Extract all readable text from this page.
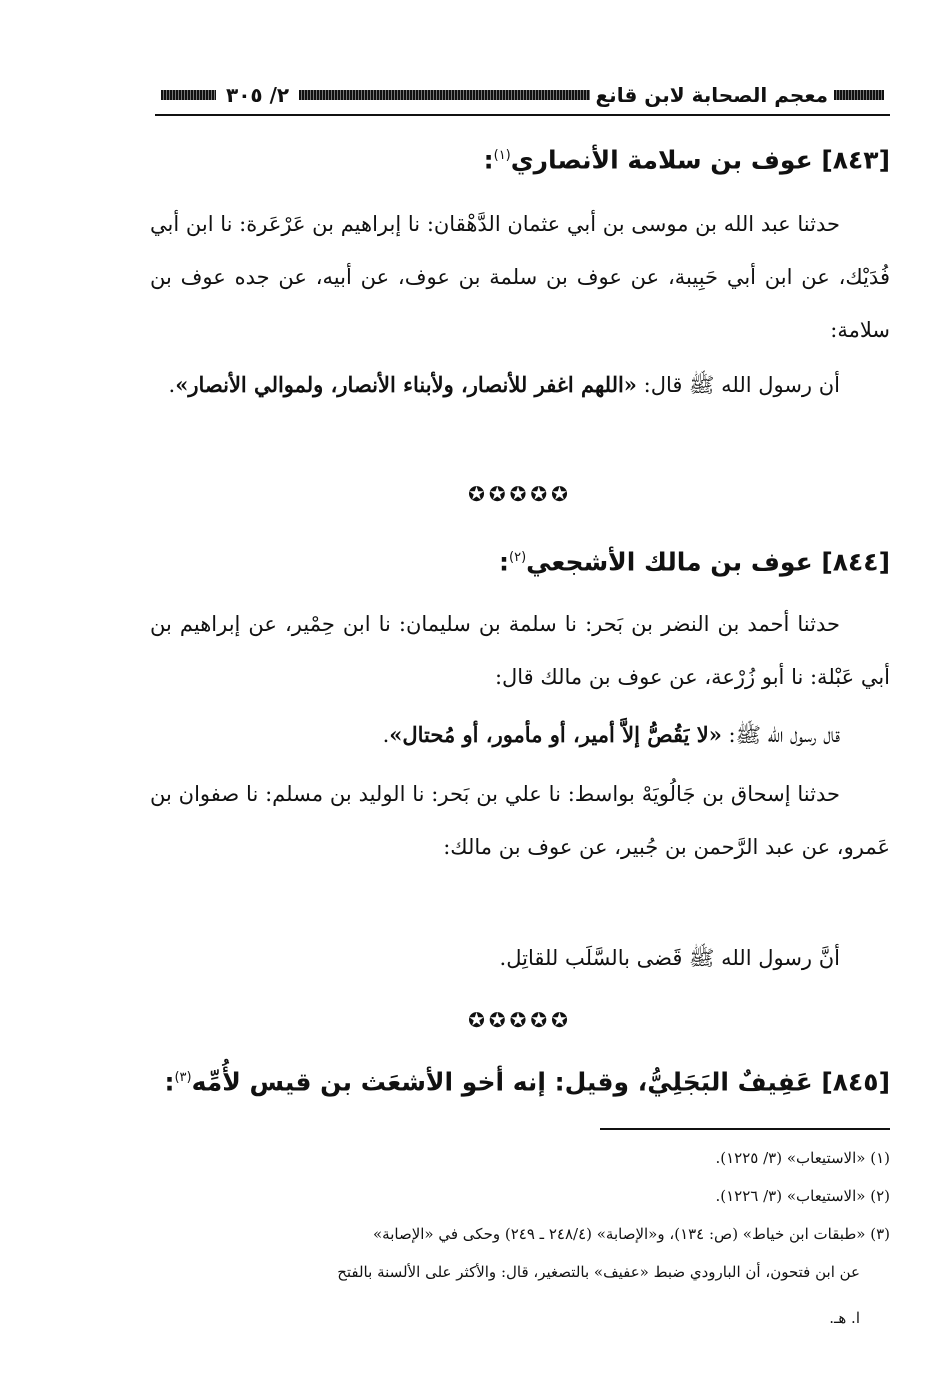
معجم الصحابة لابن قانع
٢/ ٣٠٥
[٨٤٣] عوف بن سلامة الأنصاري$^{(١)}$:
حدثنا عبد الله بن موسى بن أبي عثمان الدَّهْقان: نا إبراهيم بن عَرْعَرة: نا ابن أبي فُدَيْك، عن ابن أبي حَبِيبة، عن عوف بن سلمة بن عوف، عن أبيه، عن جده عوف بن سلامة:
أن رسول الله ﷺ قال: «اللهم اغفر للأنصار، ولأبناء الأنصار، ولموالي الأنصار».
✪✪✪✪✪
[٨٤٤] عوف بن مالك الأشجعي$^{(٢)}$:
حدثنا أحمد بن النضر بن بَحر: نا سلمة بن سليمان: نا ابن حِمْير، عن إبراهيم بن أبي عَبْلة: نا أبو زُرْعة، عن عوف بن مالك قال:
قال رسول الله ﷺ: «لا يَقُصُّ إلاَّ أمير، أو مأمور، أو مُحتال».
حدثنا إسحاق بن جَالُويَهْ بواسط: نا علي بن بَحر: نا الوليد بن مسلم: نا صفوان بن عَمرو، عن عبد الرَّحمن بن جُبير، عن عوف بن مالك:
أنَّ رسول الله ﷺ قَضى بالسَّلَب للقاتِل.
✪✪✪✪✪
[٨٤٥] عَفِيفٌ البَجَلِيُّ، وقيل: إنه أخو الأشعَث بن قيس لأُمِّه$^{(٣)}$:
(١) «الاستيعاب» (٣/ ١٢٢٥).
(٢) «الاستيعاب» (٣/ ١٢٢٦).
(٣) «طبقات ابن خياط» (ص: ١٣٤)، و«الإصابة» (٢٤٨/٤ ـ ٢٤٩) وحكى في «الإصابة»
عن ابن فتحون، أن البارودي ضبط «عفيف» بالتصغير، قال: والأكثر على الألسنة بالفتح
ا. هـ.
